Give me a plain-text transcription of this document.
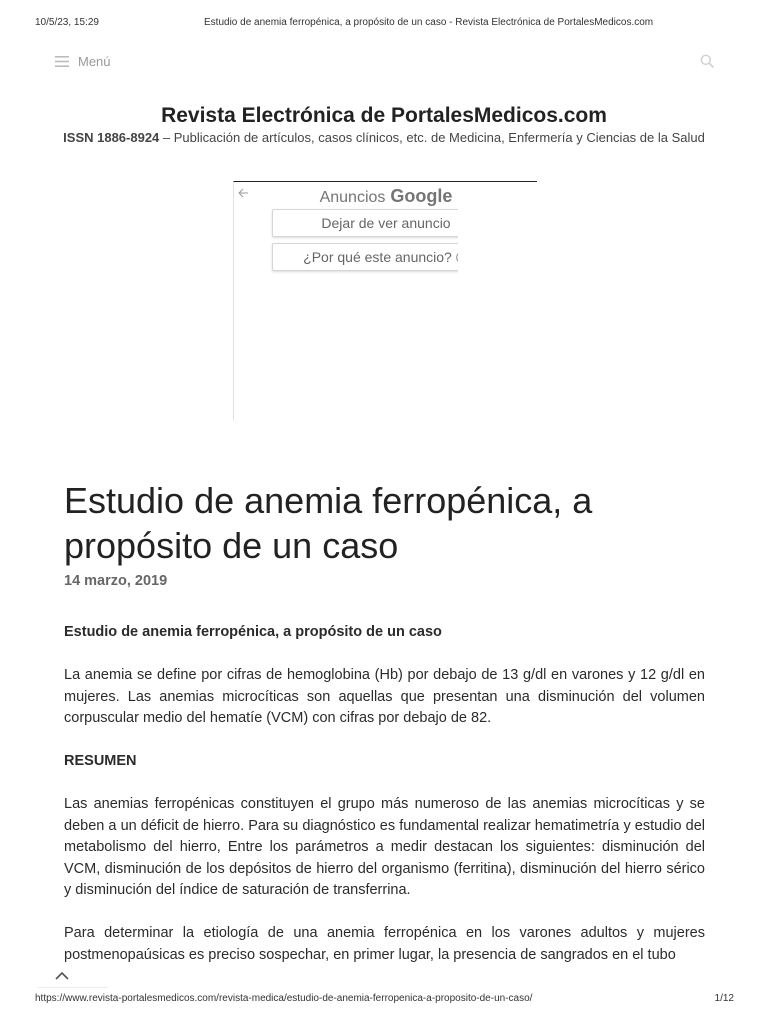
10/5/23, 15:29	Estudio de anemia ferropénica, a propósito de un caso - Revista Electrónica de PortalesMedicos.com
Menú
Revista Electrónica de PortalesMedicos.com

ISSN 1886-8924 – Publicación de artículos, casos clínicos, etc. de Medicina, Enfermería y Ciencias de la Salud

Anuncios Google
Dejar de ver anuncio
¿Por qué este anuncio?
Estudio de anemia ferropénica, a propósito de un caso
14 marzo, 2019

Estudio de anemia ferropénica, a propósito de un caso

La anemia se define por cifras de hemoglobina (Hb) por debajo de 13 g/dl en varones y 12 g/dl en mujeres. Las anemias microcíticas son aquellas que presentan una disminución del volumen corpuscular medio del hematíe (VCM) con cifras por debajo de 82.

RESUMEN

Las anemias ferropénicas constituyen el grupo más numeroso de las anemias microcíticas y se deben a un déficit de hierro. Para su diagnóstico es fundamental realizar hematimetría y estudio del metabolismo del hierro, Entre los parámetros a medir destacan los siguientes: disminución del VCM, disminución de los depósitos de hierro del organismo (ferritina), disminución del hierro sérico y disminución del índice de saturación de transferrina.

Para determinar la etiología de una anemia ferropénica en los varones adultos y mujeres postmenopaúsicas es preciso sospechar, en primer lugar, la presencia de sangrados en el tubo

https://www.revista-portalesmedicos.com/revista-medica/estudio-de-anemia-ferropenica-a-proposito-de-un-caso/	1/12
